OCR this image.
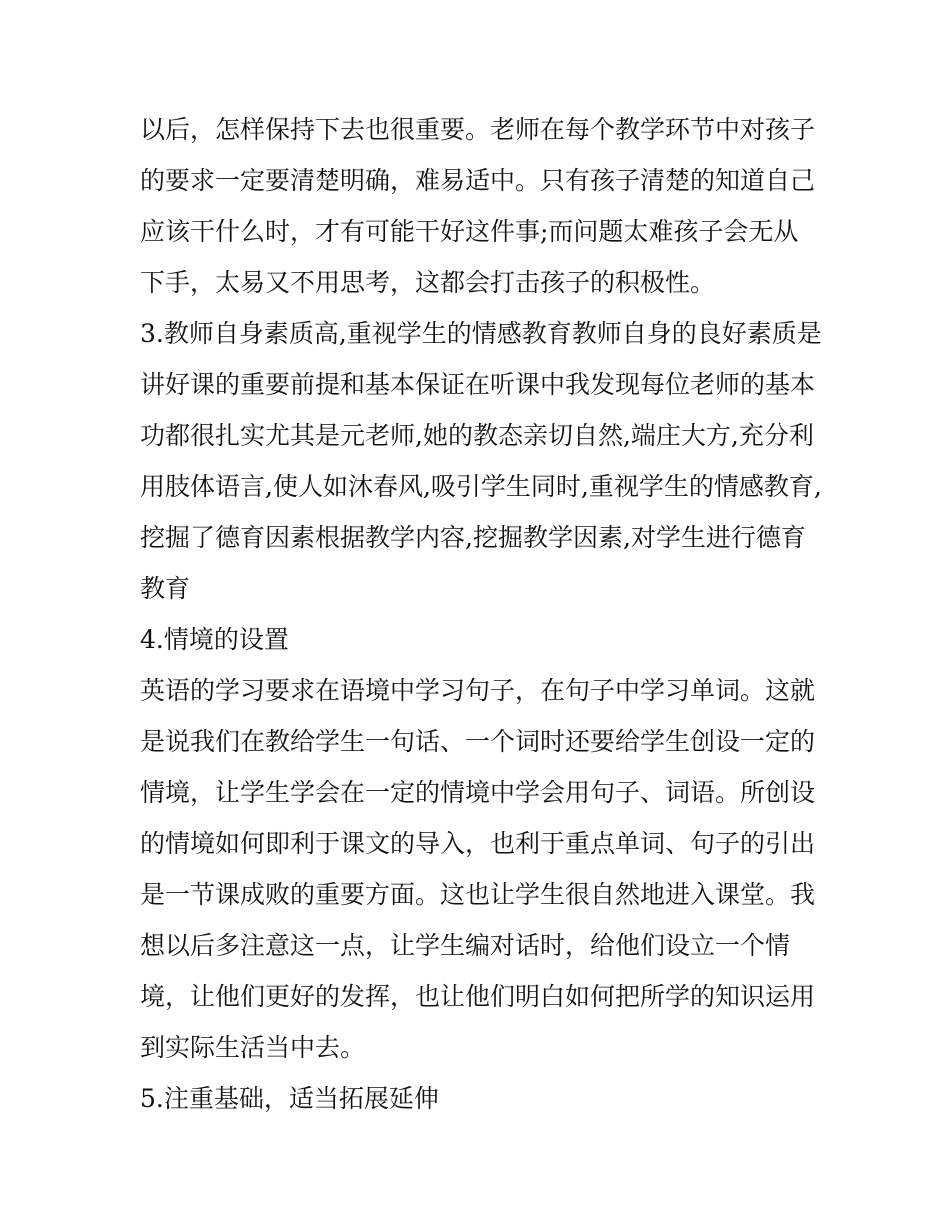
以后，怎样保持下去也很重要。老师在每个教学环节中对孩子
的要求一定要清楚明确，难易适中。只有孩子清楚的知道自己
应该干什么时，才有可能干好这件事;而问题太难孩子会无从
下手，太易又不用思考，这都会打击孩子的积极性。
3.教师自身素质高,重视学生的情感教育教师自身的良好素质是
讲好课的重要前提和基本保证在听课中我发现每位老师的基本
功都很扎实尤其是元老师,她的教态亲切自然,端庄大方,充分利
用肢体语言,使人如沐春风,吸引学生同时,重视学生的情感教育,
挖掘了德育因素根据教学内容,挖掘教学因素,对学生进行德育
教育
4.情境的设置
英语的学习要求在语境中学习句子，在句子中学习单词。这就
是说我们在教给学生一句话、一个词时还要给学生创设一定的
情境，让学生学会在一定的情境中学会用句子、词语。所创设
的情境如何即利于课文的导入，也利于重点单词、句子的引出
是一节课成败的重要方面。这也让学生很自然地进入课堂。我
想以后多注意这一点，让学生编对话时，给他们设立一个情
境，让他们更好的发挥，也让他们明白如何把所学的知识运用
到实际生活当中去。
5.注重基础，适当拓展延伸
